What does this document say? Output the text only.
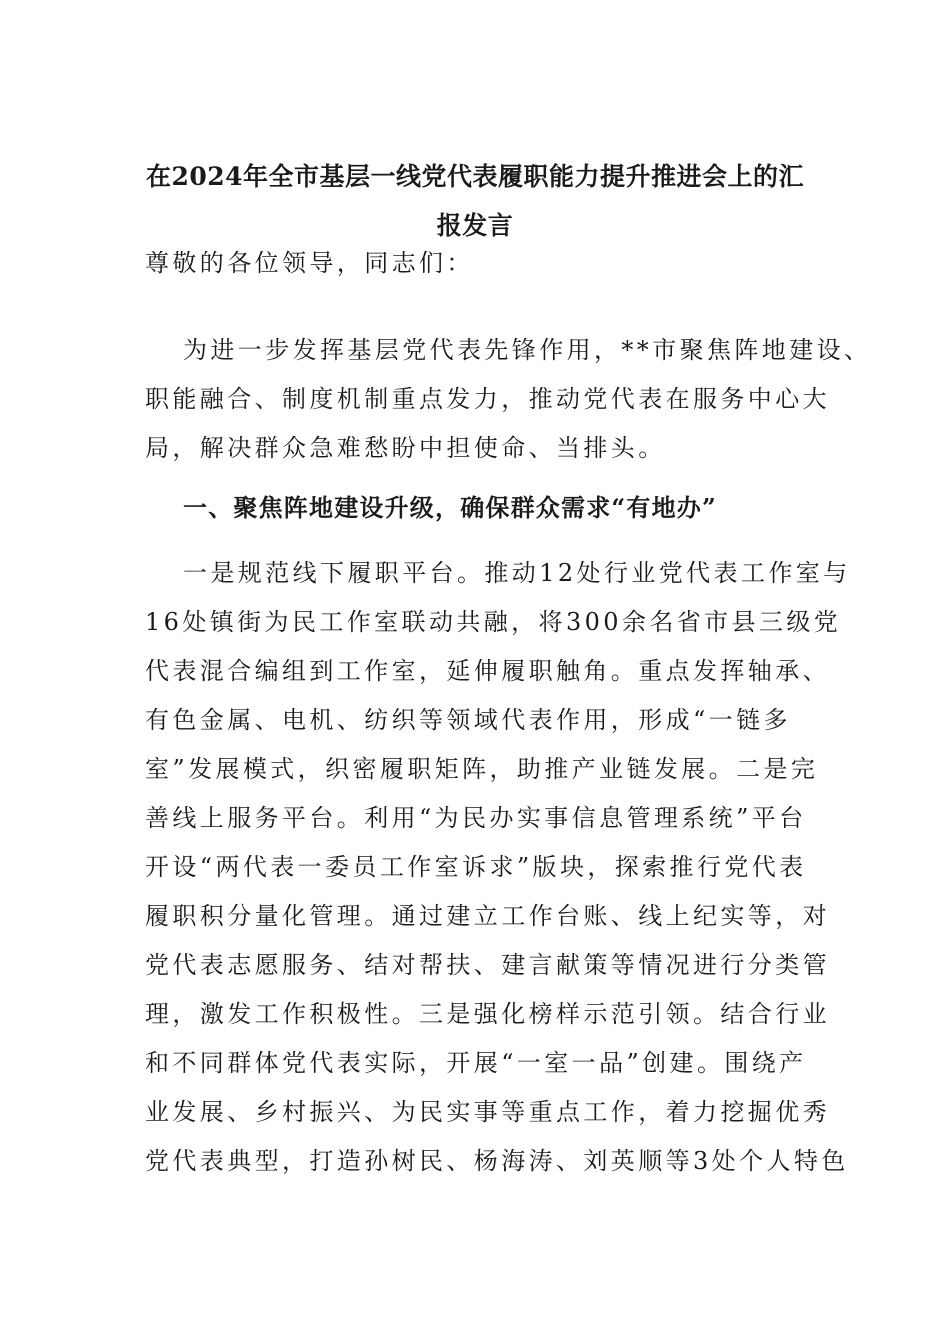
在2024年全市基层一线党代表履职能力提升推进会上的汇
报发言
尊敬的各位领导，同志们：
为进一步发挥基层党代表先锋作用，**市聚焦阵地建设、
职能融合、制度机制重点发力，推动党代表在服务中心大
局，解决群众急难愁盼中担使命、当排头。
一、聚焦阵地建设升级，确保群众需求“有地办”
一是规范线下履职平台。推动12处行业党代表工作室与
16处镇街为民工作室联动共融，将300余名省市县三级党
代表混合编组到工作室，延伸履职触角。重点发挥轴承、
有色金属、电机、纺织等领域代表作用，形成“一链多
室”发展模式，织密履职矩阵，助推产业链发展。二是完
善线上服务平台。利用“为民办实事信息管理系统”平台
开设“两代表一委员工作室诉求”版块，探索推行党代表
履职积分量化管理。通过建立工作台账、线上纪实等，对
党代表志愿服务、结对帮扶、建言献策等情况进行分类管
理，激发工作积极性。三是强化榜样示范引领。结合行业
和不同群体党代表实际，开展“一室一品”创建。围绕产
业发展、乡村振兴、为民实事等重点工作，着力挖掘优秀
党代表典型，打造孙树民、杨海涛、刘英顺等3处个人特色
